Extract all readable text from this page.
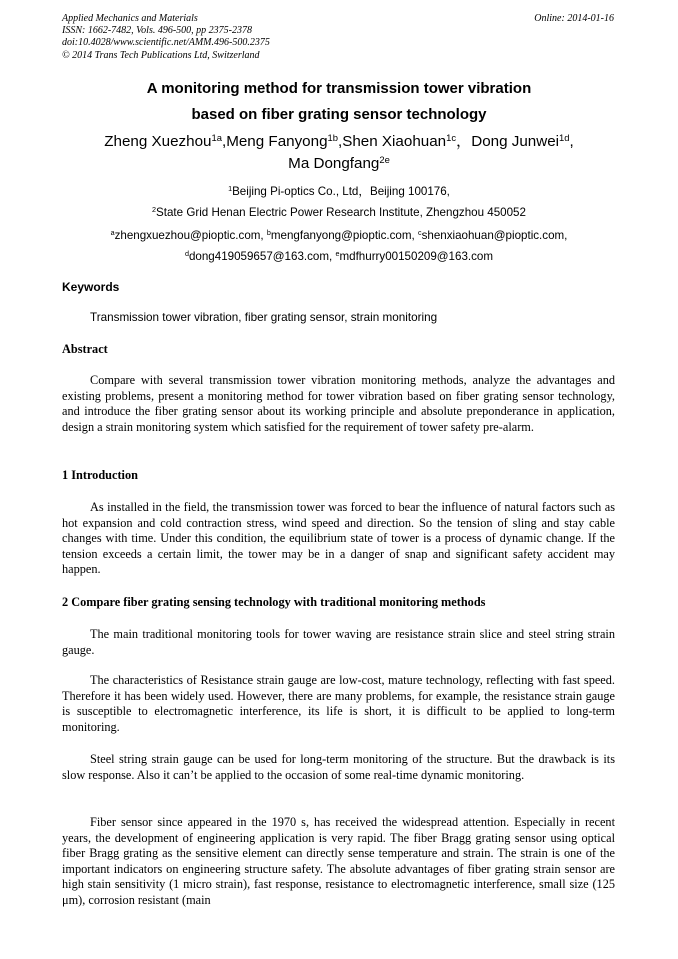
Applied Mechanics and Materials
ISSN: 1662-7482, Vols. 496-500, pp 2375-2378
doi:10.4028/www.scientific.net/AMM.496-500.2375
© 2014 Trans Tech Publications Ltd, Switzerland
Online: 2014-01-16
A monitoring method for transmission tower vibration
based on fiber grating sensor technology
Zheng Xuezhou$^{1a}$,Meng Fanyong$^{1b}$,Shen Xiaohuan$^{1c}$，Dong Junwei$^{1d}$,
Ma Dongfang$^{2e}$
$^1$Beijing Pi-optics Co., Ltd，Beijing 100176,
$^2$State Grid Henan Electric Power Research Institute, Zhengzhou 450052
$^a$zhengxuezhou@pioptic.com, $^b$mengfanyong@pioptic.com, $^c$shenxiaohuan@pioptic.com,
$^d$dong419059657@163.com, $^e$mdfhurry00150209@163.com
Keywords
Transmission tower vibration, fiber grating sensor, strain monitoring
Abstract

Compare with several transmission tower vibration monitoring methods, analyze the advantages and existing problems, present a monitoring method for tower vibration based on fiber grating sensor technology, and introduce the fiber grating sensor about its working principle and absolute preponderance in application, design a strain monitoring system which satisfied for the requirement of tower safety pre-alarm.

1 Introduction

As installed in the field, the transmission tower was forced to bear the influence of natural factors such as hot expansion and cold contraction stress, wind speed and direction. So the tension of sling and stay cable changes with time. Under this condition, the equilibrium state of tower is a process of dynamic change. If the tension exceeds a certain limit, the tower may be in a danger of snap and significant safety accident may happen.

2 Compare fiber grating sensing technology with traditional monitoring methods

The main traditional monitoring tools for tower waving are resistance strain slice and steel string strain gauge.

The characteristics of Resistance strain gauge are low-cost, mature technology, reflecting with fast speed. Therefore it has been widely used. However, there are many problems, for example, the resistance strain gauge is susceptible to electromagnetic interference, its life is short, it is difficult to be applied to long-term monitoring.

Steel string strain gauge can be used for long-term monitoring of the structure. But the drawback is its slow response. Also it can’t be applied to the occasion of some real-time dynamic monitoring.

Fiber sensor since appeared in the 1970 s, has received the widespread attention. Especially in recent years, the development of engineering application is very rapid. The fiber Bragg grating sensor using optical fiber Bragg grating as the sensitive element can directly sense temperature and strain. The strain is one of the important indicators on engineering structure safety. The absolute advantages of fiber grating strain sensor are high stain sensitivity (1 micro strain), fast response, resistance to electromagnetic interference, small size (125 μm), corrosion resistant (main
